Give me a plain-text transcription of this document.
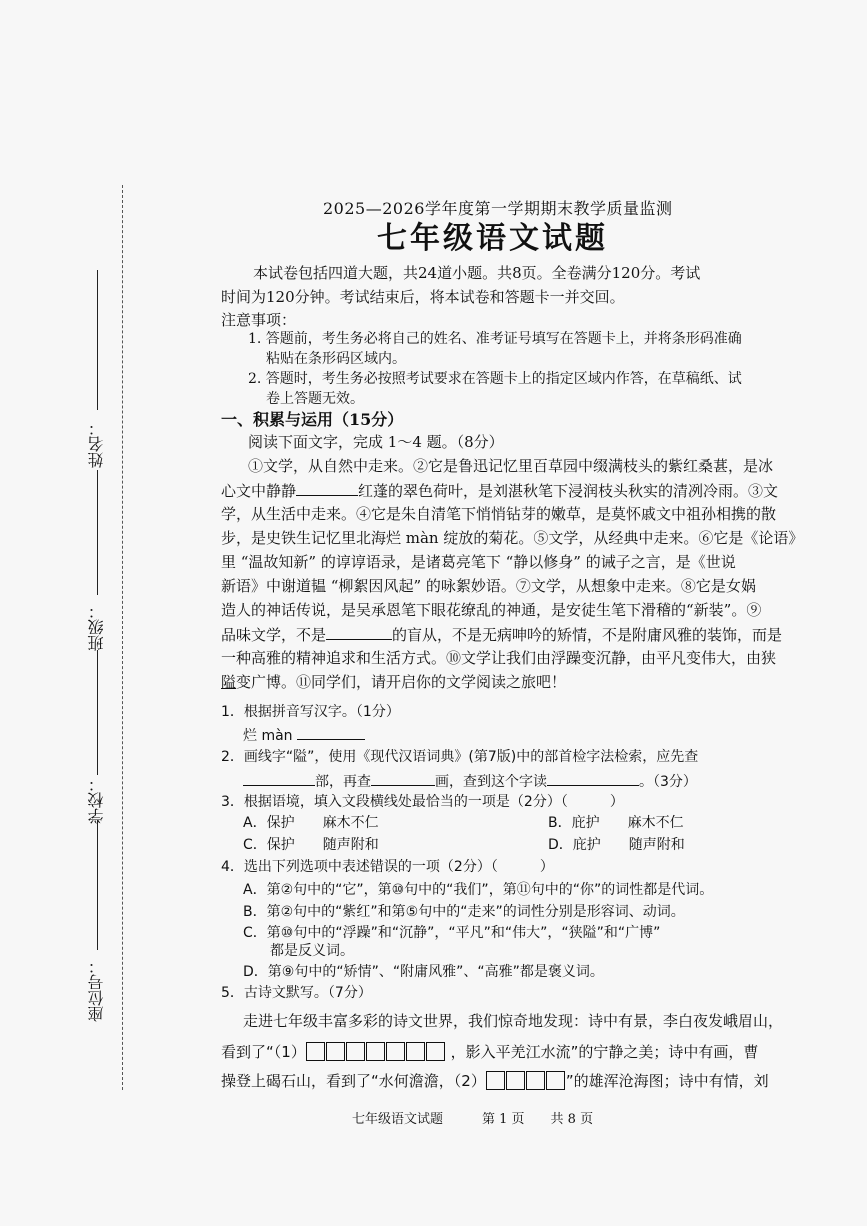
姓名：
班级：
学校：
座位号：
2025—2026学年度第一学期期末教学质量监测
七年级语文试题
本试卷包括四道大题，共24道小题。共8页。全卷满分120分。考试
时间为120分钟。考试结束后，将本试卷和答题卡一并交回。
注意事项：
1. 答题前，考生务必将自己的姓名、准考证号填写在答题卡上，并将条形码准确
粘贴在条形码区域内。
2. 答题时，考生务必按照考试要求在答题卡上的指定区域内作答，在草稿纸、试
卷上答题无效。
一、积累与运用（15分）
阅读下面文字，完成 1～4 题。（8分）
①文学，从自然中走来。②它是鲁迅记忆里百草园中缀满枝头的紫红桑葚，是冰
心文中静静	红蓬的翠色荷叶，是刘湛秋笔下浸润枝头秋实的清冽冷雨。③文
学，从生活中走来。④它是朱自清笔下悄悄钻芽的嫩草，是莫怀戚文中祖孙相携的散
步，是史铁生记忆里北海烂 màn 绽放的菊花。⑤文学，从经典中走来。⑥它是《论语》
里 “温故知新” 的谆谆语录，是诸葛亮笔下 “静以修身” 的诫子之言，是《世说
新语》中谢道韫 “柳絮因风起” 的咏絮妙语。⑦文学，从想象中走来。⑧它是女娲
造人的神话传说，是吴承恩笔下眼花缭乱的神通，是安徒生笔下滑稽的“新装”。⑨
品味文学，不是	的盲从，不是无病呻吟的矫情，不是附庸风雅的装饰，而是
一种高雅的精神追求和生活方式。⑩文学让我们由浮躁变沉静，由平凡变伟大，由狭
隘变广博。⑪同学们，请开启你的文学阅读之旅吧！
1．根据拼音写汉字。（1分）
烂 màn
2．画线字“隘”，使用《现代汉语词典》(第7版)中的部首检字法检索，应先查
部，再查	画，查到这个字读	。（3分）
3．根据语境，填入文段横线处最恰当的一项是（2分）（　　　）
A．保护　　麻木不仁	B．庇护　　麻木不仁
C．保护　　随声附和	D．庇护　　随声附和
4．选出下列选项中表述错误的一项（2分）（　　　）
A．第②句中的“它”，第⑩句中的“我们”，第⑪句中的“你”的词性都是代词。
B．第②句中的“紫红”和第⑤句中的“走来”的词性分别是形容词、动词。
C．第⑩句中的“浮躁”和“沉静”，“平凡”和“伟大”，“狭隘”和“广博”
都是反义词。
D．第⑨句中的“矫情”、“附庸风雅”、“高雅”都是褒义词。
5．古诗文默写。（7分）
走进七年级丰富多彩的诗文世界，我们惊奇地发现：诗中有景，李白夜发峨眉山，
看到了“（1）	，影入平羌江水流”的宁静之美；诗中有画，曹
操登上碣石山，看到了“水何澹澹，（2）	”的雄浑沧海图；诗中有情，刘
七年级语文试题　　　第 1 页　　共 8 页
